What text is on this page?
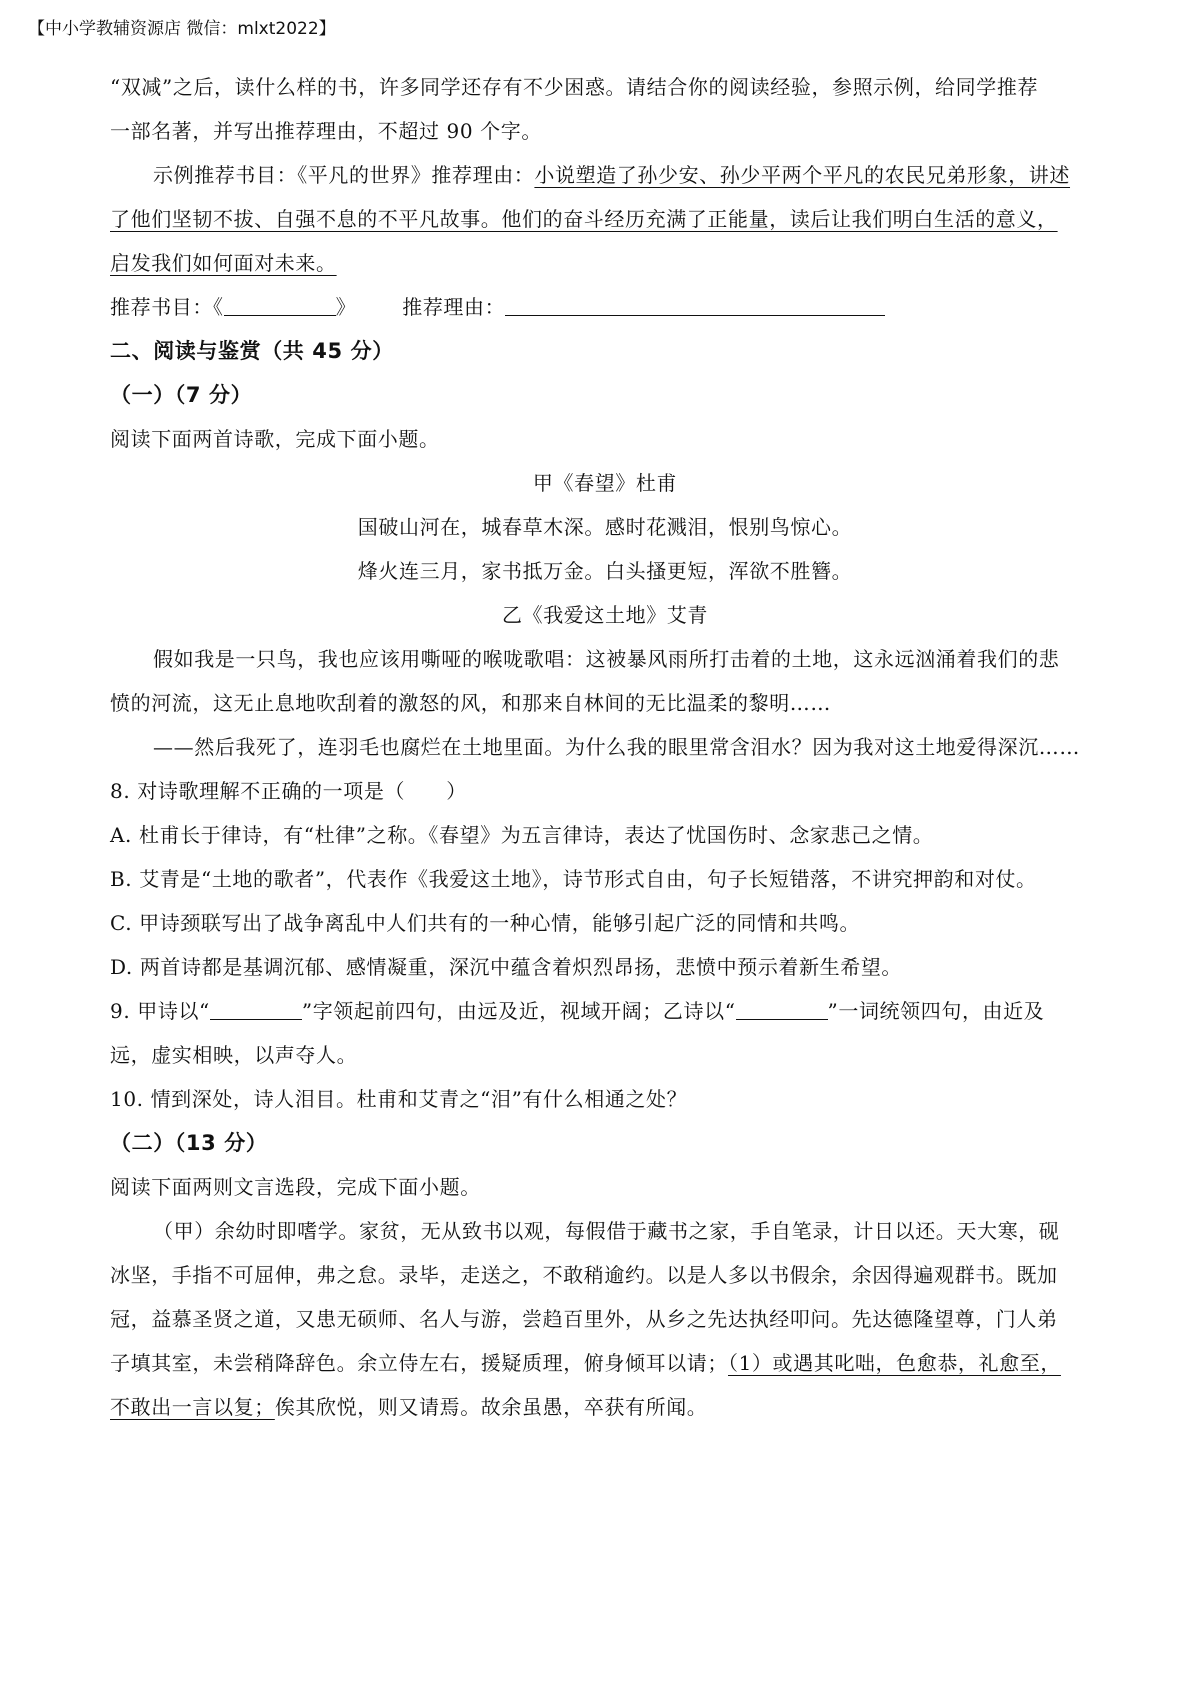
【中小学教辅资源店 微信：mlxt2022】
“双减”之后，读什么样的书，许多同学还存有不少困惑。请结合你的阅读经验，参照示例，给同学推荐
一部名著，并写出推荐理由，不超过 90 个字。
示例推荐书目：《平凡的世界》推荐理由：小说塑造了孙少安、孙少平两个平凡的农民兄弟形象，讲述
了他们坚韧不拔、自强不息的不平凡故事。他们的奋斗经历充满了正能量，读后让我们明白生活的意义，
启发我们如何面对未来。
推荐书目：《	》 推荐理由：
二、阅读与鉴赏（共 45 分）
（一）（7 分）
阅读下面两首诗歌，完成下面小题。
甲《春望》杜甫
国破山河在，城春草木深。感时花溅泪，恨别鸟惊心。
烽火连三月，家书抵万金。白头搔更短，浑欲不胜簪。
乙《我爱这土地》艾青
假如我是一只鸟，我也应该用嘶哑的喉咙歌唱：这被暴风雨所打击着的土地，这永远汹涌着我们的悲
愤的河流，这无止息地吹刮着的激怒的风，和那来自林间的无比温柔的黎明……
——然后我死了，连羽毛也腐烂在土地里面。为什么我的眼里常含泪水？因为我对这土地爱得深沉……
8. 对诗歌理解不正确的一项是（　　）
A. 杜甫长于律诗，有“杜律”之称。《春望》为五言律诗，表达了忧国伤时、念家悲己之情。
B. 艾青是“土地的歌者”，代表作《我爱这土地》，诗节形式自由，句子长短错落，不讲究押韵和对仗。
C. 甲诗颈联写出了战争离乱中人们共有的一种心情，能够引起广泛的同情和共鸣。
D. 两首诗都是基调沉郁、感情凝重，深沉中蕴含着炽烈昂扬，悲愤中预示着新生希望。
9. 甲诗以“	”字领起前四句，由远及近，视域开阔；乙诗以“	”一词统领四句，由近及
远，虚实相映，以声夺人。
10. 情到深处，诗人泪目。杜甫和艾青之“泪”有什么相通之处？
（二）（13 分）
阅读下面两则文言选段，完成下面小题。
（甲）余幼时即嗜学。家贫，无从致书以观，每假借于藏书之家，手自笔录，计日以还。天大寒，砚
冰坚，手指不可屈伸，弗之怠。录毕，走送之，不敢稍逾约。以是人多以书假余，余因得遍观群书。既加
冠，益慕圣贤之道，又患无硕师、名人与游，尝趋百里外，从乡之先达执经叩问。先达德隆望尊，门人弟
子填其室，未尝稍降辞色。余立侍左右，援疑质理，俯身倾耳以请；（1）或遇其叱咄，色愈恭，礼愈至，
不敢出一言以复；俟其欣悦，则又请焉。故余虽愚，卒获有所闻。
